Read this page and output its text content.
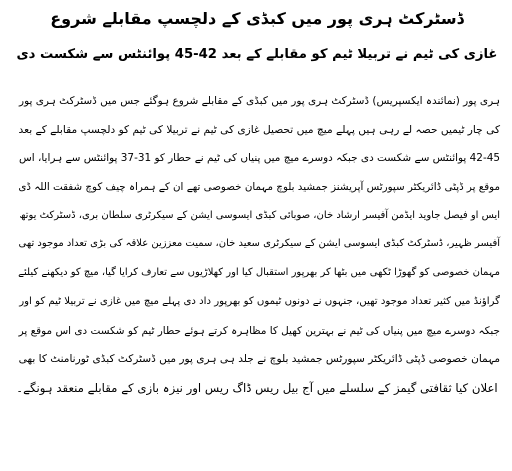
ڈسٹرکٹ ہری پور میں کبڈی کے دلچسپ مقابلے شروع
غازی کی ٹیم نے تربیلا ٹیم کو مقابلے کے بعد 42-45 پوائنٹس سے شکست دی
ہری پور (نمائندہ ایکسپریس) ڈسٹرکٹ ہری پور میں کبڈی کے مقابلے شروع ہوگئے جس میں ڈسٹرکٹ ہری پور
کی چار ٹیمیں حصہ لے رہی ہیں پہلے میچ میں تحصیل غازی کی ٹیم نے تربیلا کی ٹیم کو دلچسپ مقابلے کے بعد
42-45 پوائنٹس سے شکست دی جبکہ دوسرے میچ میں پنیاں کی ٹیم نے حطار کو 31-37 پوائنٹس سے ہرایا، اس
موقع پر ڈپٹی ڈائریکٹر سپورٹس آپریشنز جمشید بلوچ مہمان خصوصی تھے ان کے ہمراہ چیف کوچ شفقت اللہ ڈی
ایس او فیصل جاوید ایڈمن آفیسر ارشاد خان، صوبائی کبڈی ایسوسی ایشن کے سیکرٹری سلطان بری، ڈسٹرکٹ یوتھ
آفیسر ظہیر، ڈسٹرکٹ کبڈی ایسوسی ایشن کے سیکرٹری سعید خان، سمیت معززین علاقہ کی بڑی تعداد موجود تھی
مہمان خصوصی کو گھوڑا ٹکھی میں بٹھا کر بھرپور استقبال کیا اور کھلاڑیوں سے تعارف کرایا گیا، میچ کو دیکھنے کیلئے
گراؤنڈ میں کثیر تعداد موجود تھیں، جنہوں نے دونوں ٹیموں کو بھرپور داد دی پہلے میچ میں غازی نے تربیلا ٹیم کو اور
جبکہ دوسرے میچ میں پنیاں کی ٹیم نے بہترین کھیل کا مظاہرہ کرتے ہوئے حطار ٹیم کو شکست دی اس موقع پر
مہمان خصوصی ڈپٹی ڈائریکٹر سپورٹس جمشید بلوچ نے جلد ہی ہری پور میں ڈسٹرکٹ کبڈی ٹورنامنٹ کا بھی
اعلان کیا ثقافتی گیمز کے سلسلے میں آج بیل ریس ڈاگ ریس اور نیزہ بازی کے مقابلے منعقد ہونگے۔
